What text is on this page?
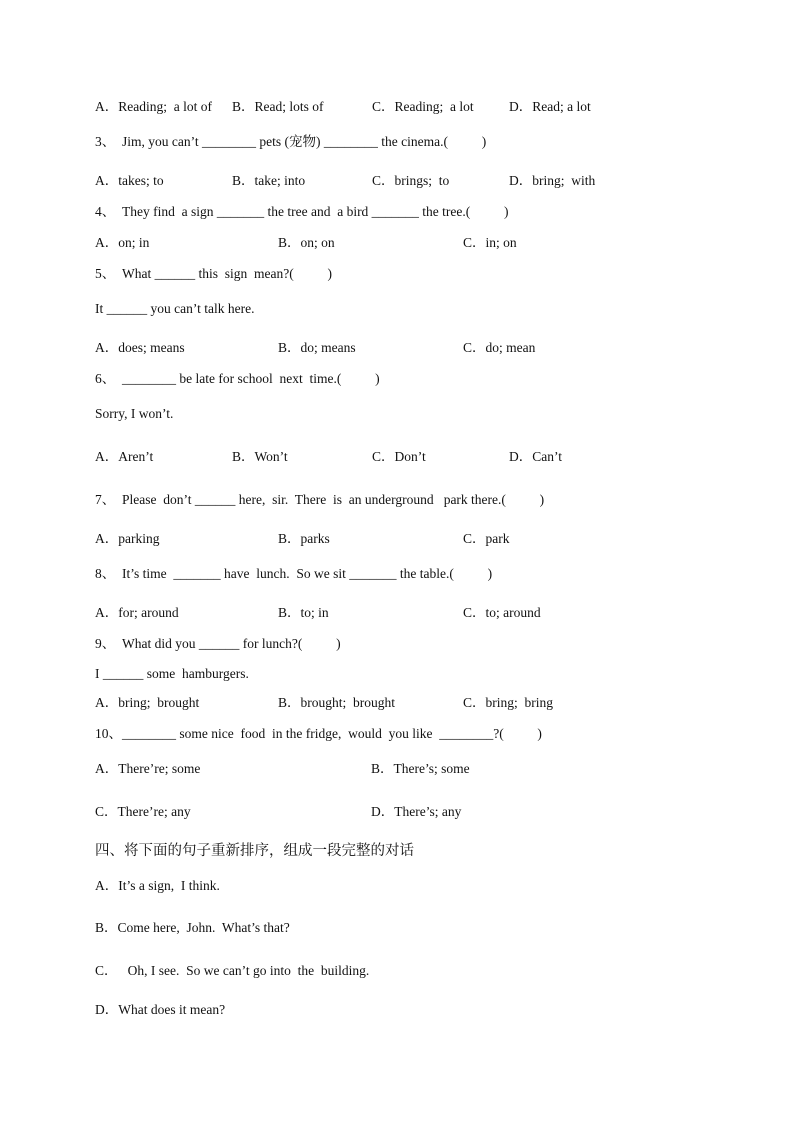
A．Reading;  a lot of B．Read; lots of	C．Reading;  a lot	D．Read; a lot
3、  Jim, you can’t ________ pets (宠物) ________ the cinema.(          )
A．takes; to	B．take; into	C．brings;  to	D．bring;  with
4、  They find  a sign _______ the tree and  a bird _______ the tree.(          )
A．on; in	B．on; on	C．in; on
5、  What ______ this  sign  mean?(          )
It ______ you can’t talk here.
A．does; means	B．do; means	C．do; mean
6、  ________ be late for school  next  time.(          )
Sorry, I won’t.
A．Aren’t	B．Won’t	C．Don’t	D．Can’t
7、  Please  don’t ______ here,  sir.  There  is  an underground   park there.(          )
A．parking	B．parks	C．park
8、  It’s time  _______ have  lunch.  So we sit _______ the table.(          )
A．for; around	B．to; in	C．to; around
9、  What did you ______ for lunch?(          )
I ______ some  hamburgers.
A．bring;  brought	B．brought;  brought	C．bring;  bring
10、________ some nice  food  in the fridge,  would  you like  ________?(          )
A．There’re; some	B．There’s; some
C．There’re; any	D．There’s; any
四、将下面的句子重新排序，组成一段完整的对话
A．It’s a sign,  I think.
B．Come here,  John.  What’s that?
C．   Oh, I see.  So we can’t go into  the  building.
D．What does it mean?
